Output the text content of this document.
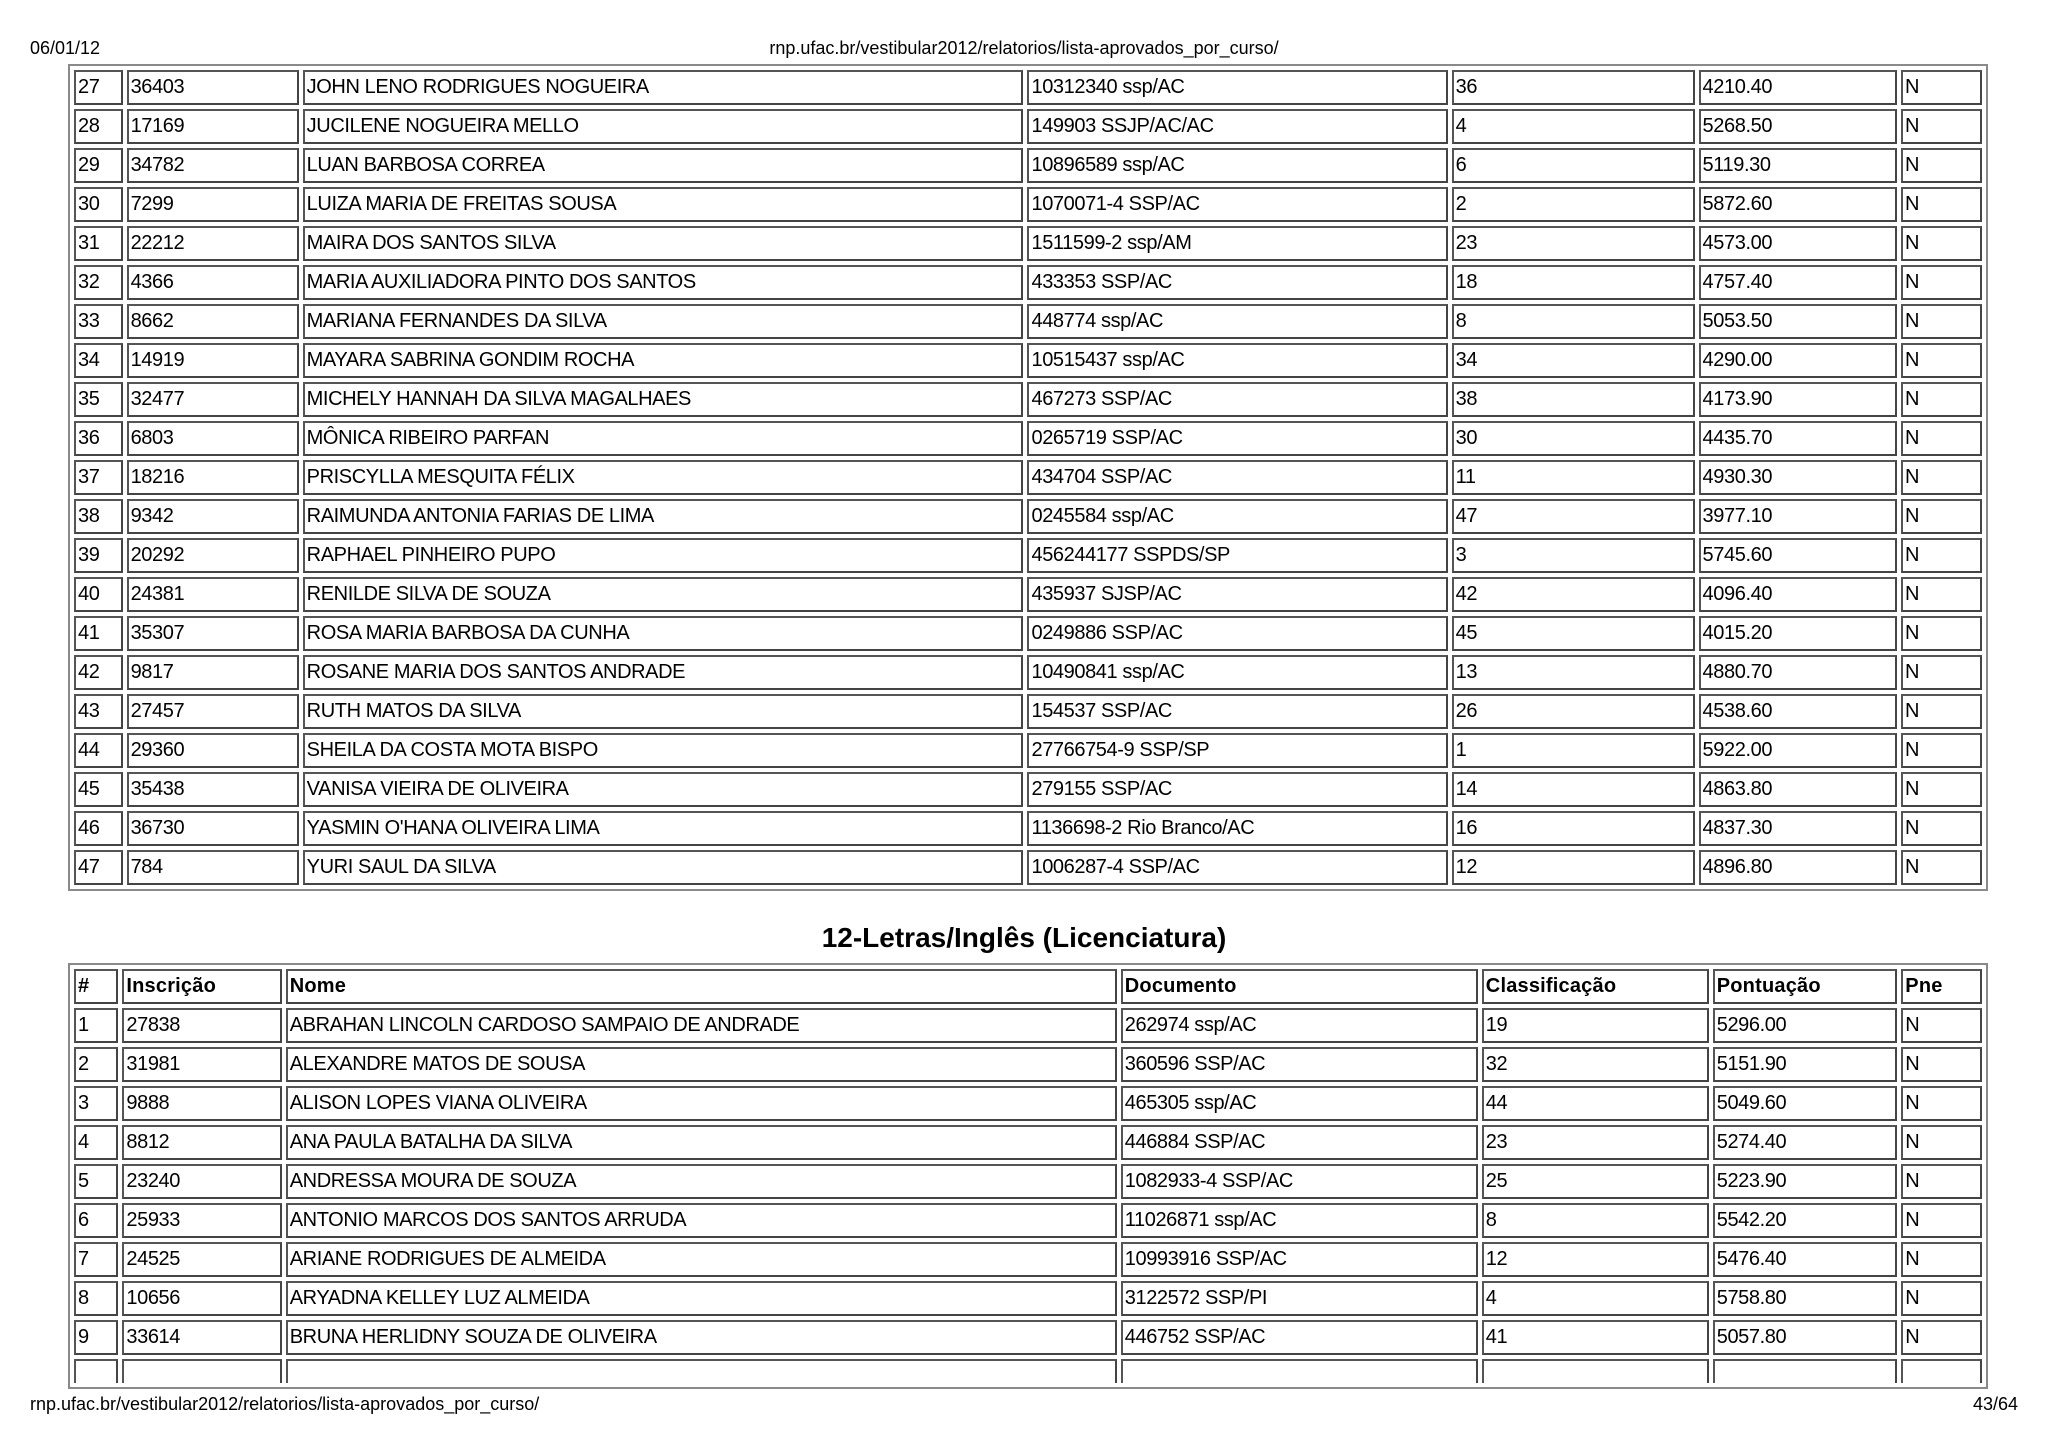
06/01/12	rnp.ufac.br/vestibular2012/relatorios/lista-aprovados_por_curso/
27	36403	JOHN LENO RODRIGUES NOGUEIRA	10312340 ssp/AC	36	4210.40	N
28	17169	JUCILENE NOGUEIRA MELLO	149903 SSJP/AC/AC	4	5268.50	N
29	34782	LUAN BARBOSA CORREA	10896589 ssp/AC	6	5119.30	N
30	7299	LUIZA MARIA DE FREITAS SOUSA	1070071-4 SSP/AC	2	5872.60	N
31	22212	MAIRA DOS SANTOS SILVA	1511599-2 ssp/AM	23	4573.00	N
32	4366	MARIA AUXILIADORA PINTO DOS SANTOS	433353 SSP/AC	18	4757.40	N
33	8662	MARIANA FERNANDES DA SILVA	448774 ssp/AC	8	5053.50	N
34	14919	MAYARA SABRINA GONDIM ROCHA	10515437 ssp/AC	34	4290.00	N
35	32477	MICHELY HANNAH DA SILVA MAGALHAES	467273 SSP/AC	38	4173.90	N
36	6803	MÔNICA RIBEIRO PARFAN	0265719 SSP/AC	30	4435.70	N
37	18216	PRISCYLLA MESQUITA FÉLIX	434704 SSP/AC	11	4930.30	N
38	9342	RAIMUNDA ANTONIA FARIAS DE LIMA	0245584 ssp/AC	47	3977.10	N
39	20292	RAPHAEL PINHEIRO PUPO	456244177 SSPDS/SP	3	5745.60	N
40	24381	RENILDE SILVA DE SOUZA	435937 SJSP/AC	42	4096.40	N
41	35307	ROSA MARIA BARBOSA DA CUNHA	0249886 SSP/AC	45	4015.20	N
42	9817	ROSANE MARIA DOS SANTOS ANDRADE	10490841 ssp/AC	13	4880.70	N
43	27457	RUTH MATOS DA SILVA	154537 SSP/AC	26	4538.60	N
44	29360	SHEILA DA COSTA MOTA BISPO	27766754-9 SSP/SP	1	5922.00	N
45	35438	VANISA VIEIRA DE OLIVEIRA	279155 SSP/AC	14	4863.80	N
46	36730	YASMIN O'HANA OLIVEIRA LIMA	1136698-2 Rio Branco/AC	16	4837.30	N
47	784	YURI SAUL DA SILVA	1006287-4 SSP/AC	12	4896.80	N
12-Letras/Inglês (Licenciatura)
#	Inscrição	Nome	Documento	Classificação	Pontuação	Pne
1	27838	ABRAHAN LINCOLN CARDOSO SAMPAIO DE ANDRADE	262974 ssp/AC	19	5296.00	N
2	31981	ALEXANDRE MATOS DE SOUSA	360596 SSP/AC	32	5151.90	N
3	9888	ALISON LOPES VIANA OLIVEIRA	465305 ssp/AC	44	5049.60	N
4	8812	ANA PAULA BATALHA DA SILVA	446884 SSP/AC	23	5274.40	N
5	23240	ANDRESSA MOURA DE SOUZA	1082933-4 SSP/AC	25	5223.90	N
6	25933	ANTONIO MARCOS DOS SANTOS ARRUDA	11026871 ssp/AC	8	5542.20	N
7	24525	ARIANE RODRIGUES DE ALMEIDA	10993916 SSP/AC	12	5476.40	N
8	10656	ARYADNA KELLEY LUZ ALMEIDA	3122572 SSP/PI	4	5758.80	N
9	33614	BRUNA HERLIDNY SOUZA DE OLIVEIRA	446752 SSP/AC	41	5057.80	N

rnp.ufac.br/vestibular2012/relatorios/lista-aprovados_por_curso/	43/64
